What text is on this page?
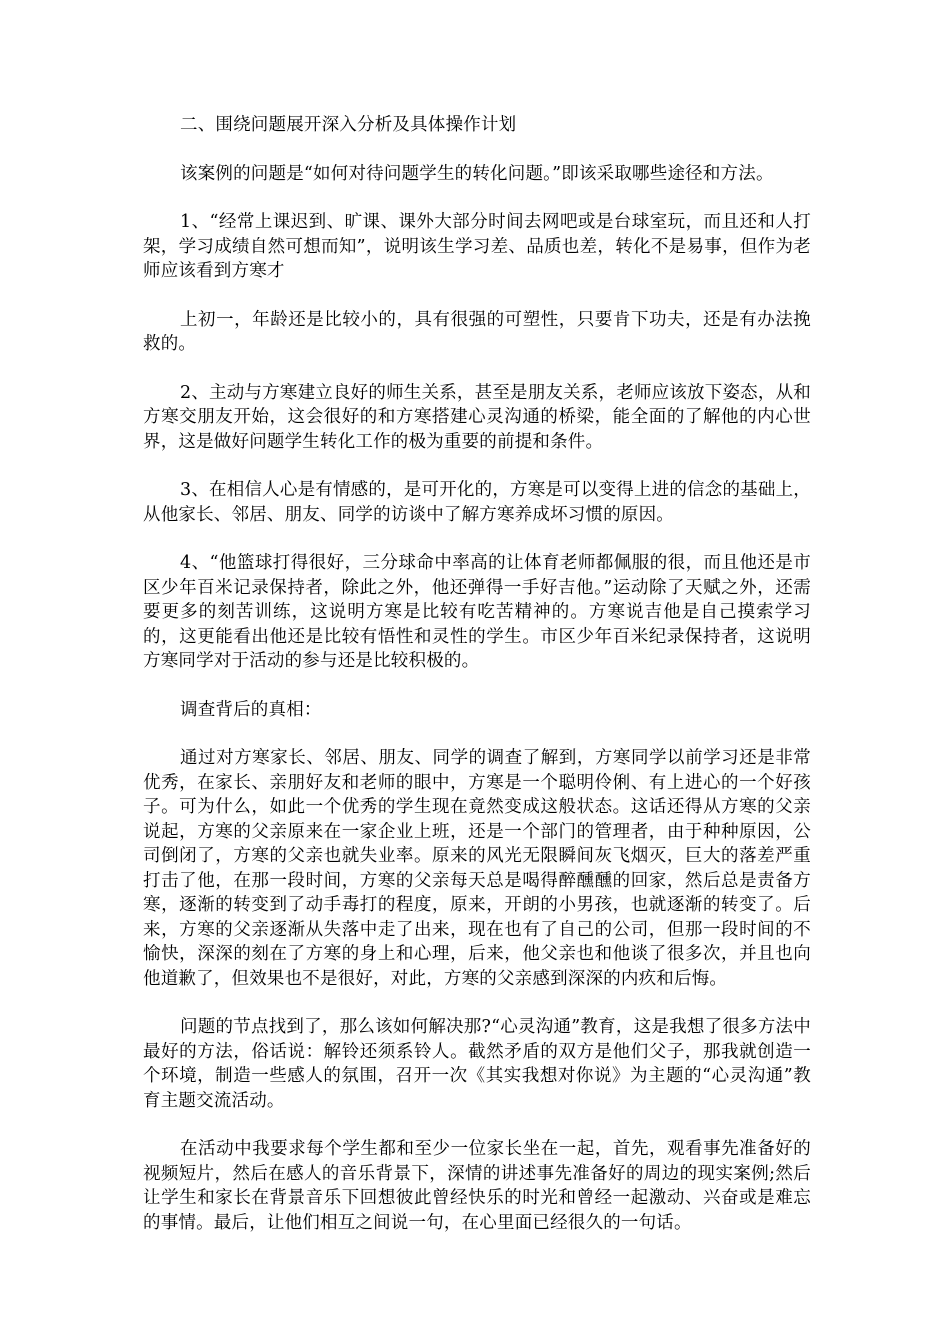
二、围绕问题展开深入分析及具体操作计划

该案例的问题是“如何对待问题学生的转化问题。”即该采取哪些途径和方法。

1、“经常上课迟到、旷课、课外大部分时间去网吧或是台球室玩，而且还和人打架，学习成绩自然可想而知”，说明该生学习差、品质也差，转化不是易事，但作为老师应该看到方寒才

上初一，年龄还是比较小的，具有很强的可塑性，只要肯下功夫，还是有办法挽救的。

2、主动与方寒建立良好的师生关系，甚至是朋友关系，老师应该放下姿态，从和方寒交朋友开始，这会很好的和方寒搭建心灵沟通的桥梁，能全面的了解他的内心世界，这是做好问题学生转化工作的极为重要的前提和条件。

3、在相信人心是有情感的，是可开化的，方寒是可以变得上进的信念的基础上，从他家长、邻居、朋友、同学的访谈中了解方寒养成坏习惯的原因。

4、“他篮球打得很好，三分球命中率高的让体育老师都佩服的很，而且他还是市区少年百米记录保持者，除此之外，他还弹得一手好吉他。”运动除了天赋之外，还需要更多的刻苦训练，这说明方寒是比较有吃苦精神的。方寒说吉他是自己摸索学习的，这更能看出他还是比较有悟性和灵性的学生。市区少年百米纪录保持者，这说明方寒同学对于活动的参与还是比较积极的。

调查背后的真相：

通过对方寒家长、邻居、朋友、同学的调查了解到，方寒同学以前学习还是非常优秀，在家长、亲朋好友和老师的眼中，方寒是一个聪明伶俐、有上进心的一个好孩子。可为什么，如此一个优秀的学生现在竟然变成这般状态。这话还得从方寒的父亲说起，方寒的父亲原来在一家企业上班，还是一个部门的管理者，由于种种原因，公司倒闭了，方寒的父亲也就失业率。原来的风光无限瞬间灰飞烟灭，巨大的落差严重打击了他，在那一段时间，方寒的父亲每天总是喝得醉醺醺的回家，然后总是责备方寒，逐渐的转变到了动手毒打的程度，原来，开朗的小男孩，也就逐渐的转变了。后来，方寒的父亲逐渐从失落中走了出来，现在也有了自己的公司，但那一段时间的不愉快，深深的刻在了方寒的身上和心理，后来，他父亲也和他谈了很多次，并且也向他道歉了，但效果也不是很好，对此，方寒的父亲感到深深的内疚和后悔。

问题的节点找到了，那么该如何解决那?“心灵沟通”教育，这是我想了很多方法中最好的方法，俗话说：解铃还须系铃人。截然矛盾的双方是他们父子，那我就创造一个环境，制造一些感人的氛围，召开一次《其实我想对你说》为主题的“心灵沟通”教育主题交流活动。

在活动中我要求每个学生都和至少一位家长坐在一起，首先，观看事先准备好的视频短片，然后在感人的音乐背景下，深情的讲述事先准备好的周边的现实案例;然后让学生和家长在背景音乐下回想彼此曾经快乐的时光和曾经一起激动、兴奋或是难忘的事情。最后，让他们相互之间说一句，在心里面已经很久的一句话。
